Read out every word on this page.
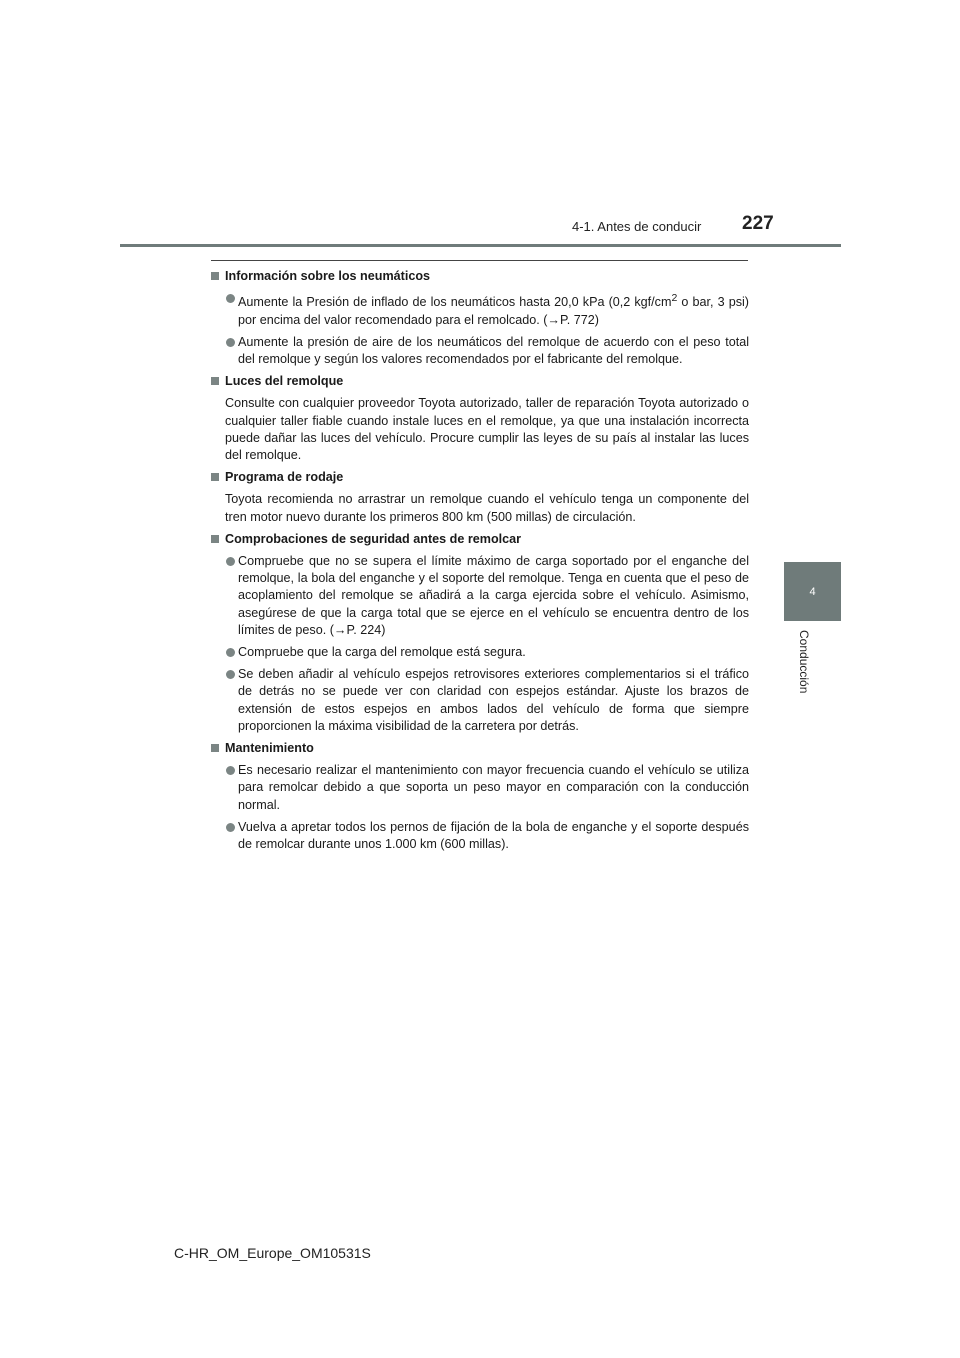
4-1. Antes de conducir 227
4
Conducción
Información sobre los neumáticos
Aumente la Presión de inflado de los neumáticos hasta 20,0 kPa (0,2 kgf/$cm^2$ o bar, 3 psi) por encima del valor recomendado para el remolcado. (→P. 772)
Aumente la presión de aire de los neumáticos del remolque de acuerdo con el peso total del remolque y según los valores recomendados por el fabricante del remolque.
Luces del remolque
Consulte con cualquier proveedor Toyota autorizado, taller de reparación Toyota autorizado o cualquier taller fiable cuando instale luces en el remolque, ya que una instalación incorrecta puede dañar las luces del vehículo. Procure cumplir las leyes de su país al instalar las luces del remolque.
Programa de rodaje
Toyota recomienda no arrastrar un remolque cuando el vehículo tenga un componente del tren motor nuevo durante los primeros 800 km (500 millas) de circulación.
Comprobaciones de seguridad antes de remolcar
Compruebe que no se supera el límite máximo de carga soportado por el enganche del remolque, la bola del enganche y el soporte del remolque. Tenga en cuenta que el peso de acoplamiento del remolque se añadirá a la carga ejercida sobre el vehículo. Asimismo, asegúrese de que la carga total que se ejerce en el vehículo se encuentra dentro de los límites de peso. (→P. 224)
Compruebe que la carga del remolque está segura.
Se deben añadir al vehículo espejos retrovisores exteriores complementarios si el tráfico de detrás no se puede ver con claridad con espejos estándar. Ajuste los brazos de extensión de estos espejos en ambos lados del vehículo de forma que siempre proporcionen la máxima visibilidad de la carretera por detrás.
Mantenimiento
Es necesario realizar el mantenimiento con mayor frecuencia cuando el vehículo se utiliza para remolcar debido a que soporta un peso mayor en comparación con la conducción normal.
Vuelva a apretar todos los pernos de fijación de la bola de enganche y el soporte después de remolcar durante unos 1.000 km (600 millas).
C-HR_OM_Europe_OM10531S
